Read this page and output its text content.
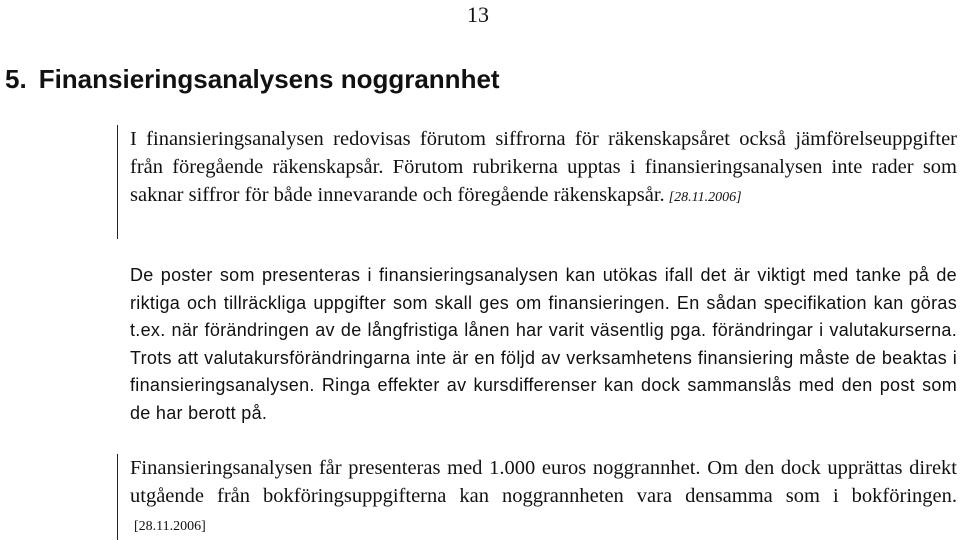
13
5. Finansieringsanalysens noggrannhet

I finansieringsanalysen redovisas förutom siffrorna för räkenskapsåret också jämförelseuppgifter från föregående räkenskapsår. Förutom rubrikerna upptas i finansieringsanalysen inte rader som saknar siffror för både innevarande och föregående räkenskapsår. [28.11.2006]

De poster som presenteras i finansieringsanalysen kan utökas ifall det är viktigt med tanke på de riktiga och tillräckliga uppgifter som skall ges om finansieringen. En sådan specifikation kan göras t.ex. när förändringen av de långfristiga lånen har varit väsentlig pga. förändringar i valutakurserna. Trots att valutakursförändringarna inte är en följd av verksamhetens finansiering måste de beaktas i finansieringsanalysen. Ringa effekter av kursdifferenser kan dock sammanslås med den post som de har berott på.

Finansieringsanalysen får presenteras med 1.000 euros noggrannhet. Om den dock upprättas direkt utgående från bokföringsuppgifterna kan noggrannheten vara densamma som i bokföringen.[28.11.2006]
